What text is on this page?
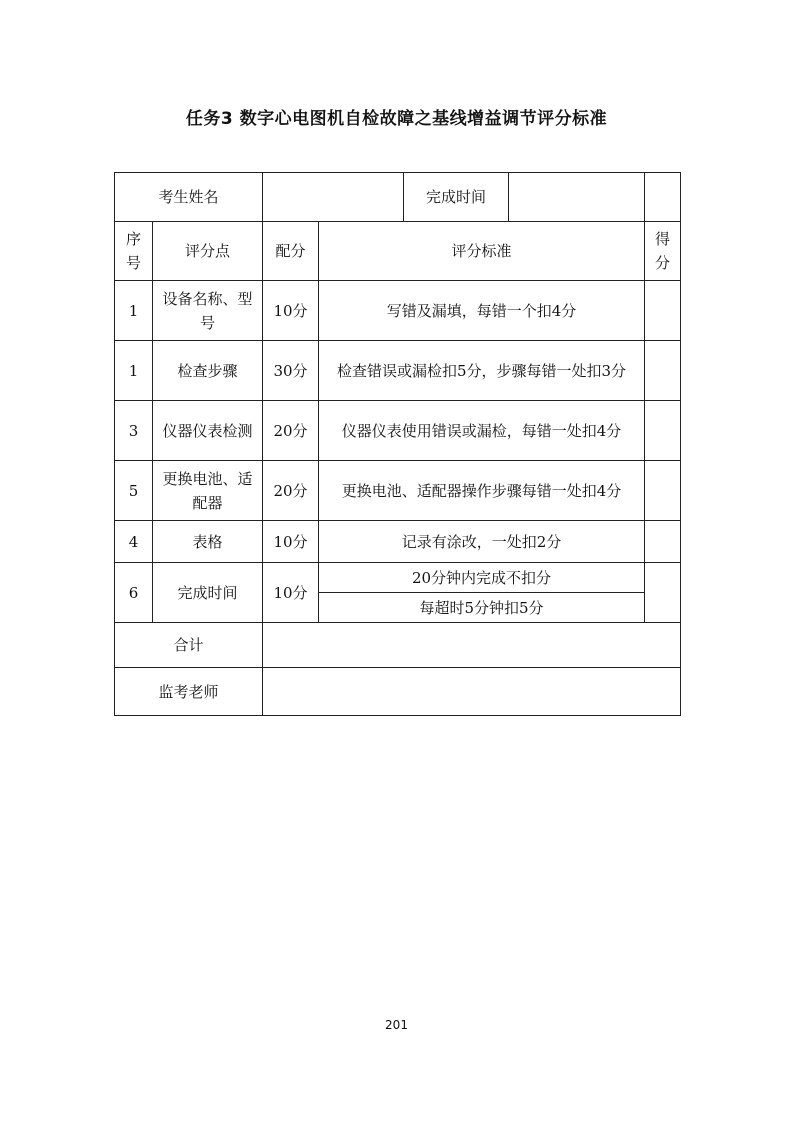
任务3 数字心电图机自检故障之基线增益调节评分标准
考生姓名		完成时间		

序号	评分点	配分	评分标准	得分
1	设备名称、型号	10分	写错及漏填，每错一个扣4分	
1	检查步骤	30分	检查错误或漏检扣5分，步骤每错一处扣3分	
3	仪器仪表检测	20分	仪器仪表使用错误或漏检，每错一处扣4分	
5	更换电池、适配器	20分	更换电池、适配器操作步骤每错一处扣4分	
4	表格	10分	记录有涂改，一处扣2分	
6	完成时间	10分	20分钟内完成不扣分	
			每超时5分钟扣5分	
合计				
监考老师				
201
